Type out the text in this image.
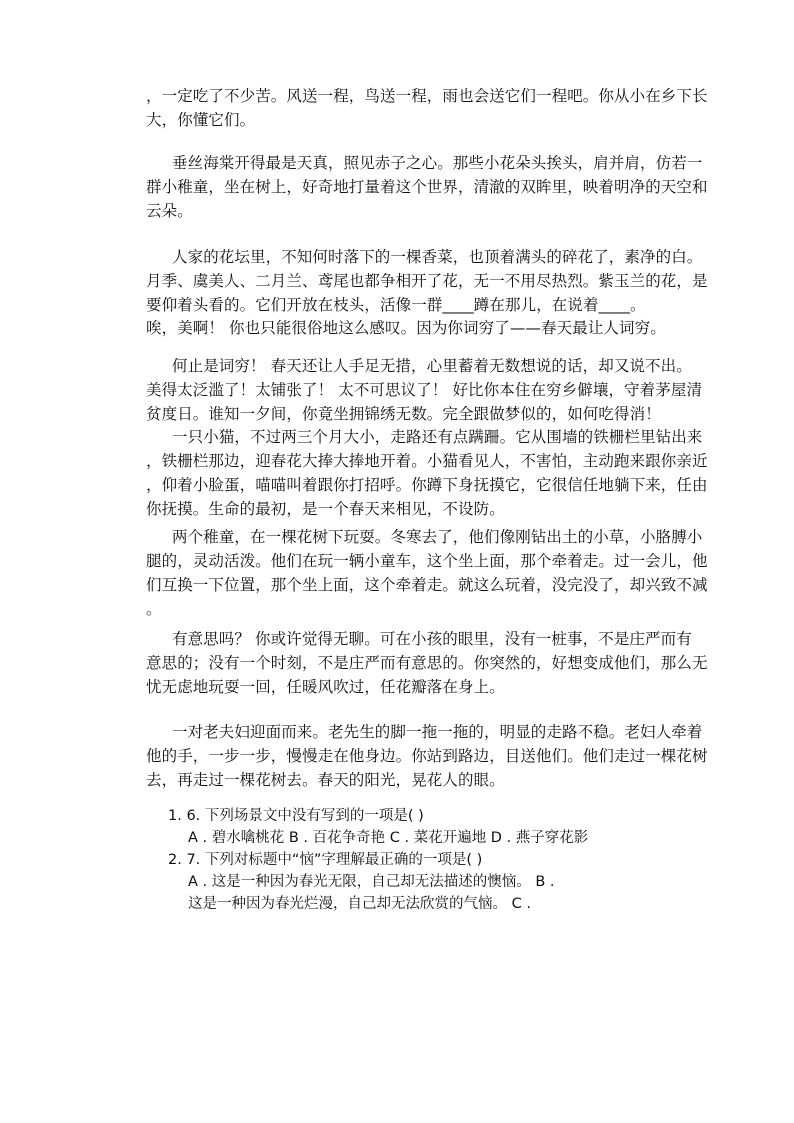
，一定吃了不少苦。风送一程，鸟送一程，雨也会送它们一程吧。你从小在乡下长
大，你懂它们。

垂丝海棠开得最是天真，照见赤子之心。那些小花朵头挨头，肩并肩，仿若一
群小稚童，坐在树上，好奇地打量着这个世界，清澈的双眸里，映着明净的天空和
云朵。

人家的花坛里，不知何时落下的一棵香菜，也顶着满头的碎花了，素净的白。
月季、虞美人、二月兰、鸢尾也都争相开了花，无一不用尽热烈。紫玉兰的花，是
要仰着头看的。它们开放在枝头，活像一群____蹲在那儿，在说着____。

唉，美啊！ 你也只能很俗地这么感叹。因为你词穷了——春天最让人词穷。

何止是词穷！ 春天还让人手足无措，心里蓄着无数想说的话，却又说不出。
美得太泛滥了！太铺张了！ 太不可思议了！ 好比你本住在穷乡僻壤，守着茅屋清
贫度日。谁知一夕间，你竟坐拥锦绣无数。完全跟做梦似的，如何吃得消！

一只小猫，不过两三个月大小，走路还有点蹒跚。它从围墙的铁栅栏里钻出来
，铁栅栏那边，迎春花大捧大捧地开着。小猫看见人，不害怕，主动跑来跟你亲近
，仰着小脸蛋，喵喵叫着跟你打招呼。你蹲下身抚摸它，它很信任地躺下来，任由
你抚摸。生命的最初，是一个春天来相见，不设防。

两个稚童，在一棵花树下玩耍。冬寒去了，他们像刚钻出土的小草，小胳膊小
腿的，灵动活泼。他们在玩一辆小童车，这个坐上面，那个牵着走。过一会儿，他
们互换一下位置，那个坐上面，这个牵着走。就这么玩着，没完没了，却兴致不减
。

有意思吗？ 你或许觉得无聊。可在小孩的眼里，没有一桩事，不是庄严而有
意思的；没有一个时刻，不是庄严而有意思的。你突然的，好想变成他们，那么无
忧无虑地玩耍一回，任暖风吹过，任花瓣落在身上。

一对老夫妇迎面而来。老先生的脚一拖一拖的，明显的走路不稳。老妇人牵着
他的手，一步一步，慢慢走在他身边。你站到路边，目送他们。他们走过一棵花树
去，再走过一棵花树去。春天的阳光，晃花人的眼。

1. 6. 下列场景文中没有写到的一项是( )
A . 碧水噙桃花 B . 百花争奇艳 C . 菜花开遍地 D . 燕子穿花影
2. 7. 下列对标题中“恼”字理解最正确的一项是( )
A . 这是一种因为春光无限，自己却无法描述的懊恼。 B .
这是一种因为春光烂漫，自己却无法欣赏的气恼。 C .
